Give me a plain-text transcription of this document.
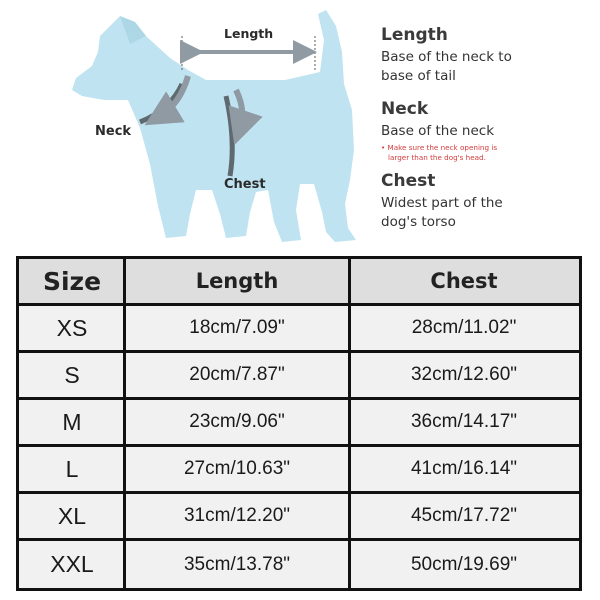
Length
Neck
Chest
Length
Base of the neck to
base of tail
Neck
Base of the neck
• Make sure the neck opening is
larger than the dog's head.
Chest
Widest part of the
dog's torso
Size	Length	Chest
XS	18cm/7.09"	28cm/11.02"
S	20cm/7.87"	32cm/12.60"
M	23cm/9.06"	36cm/14.17"
L	27cm/10.63"	41cm/16.14"
XL	31cm/12.20"	45cm/17.72"
XXL	35cm/13.78"	50cm/19.69"
